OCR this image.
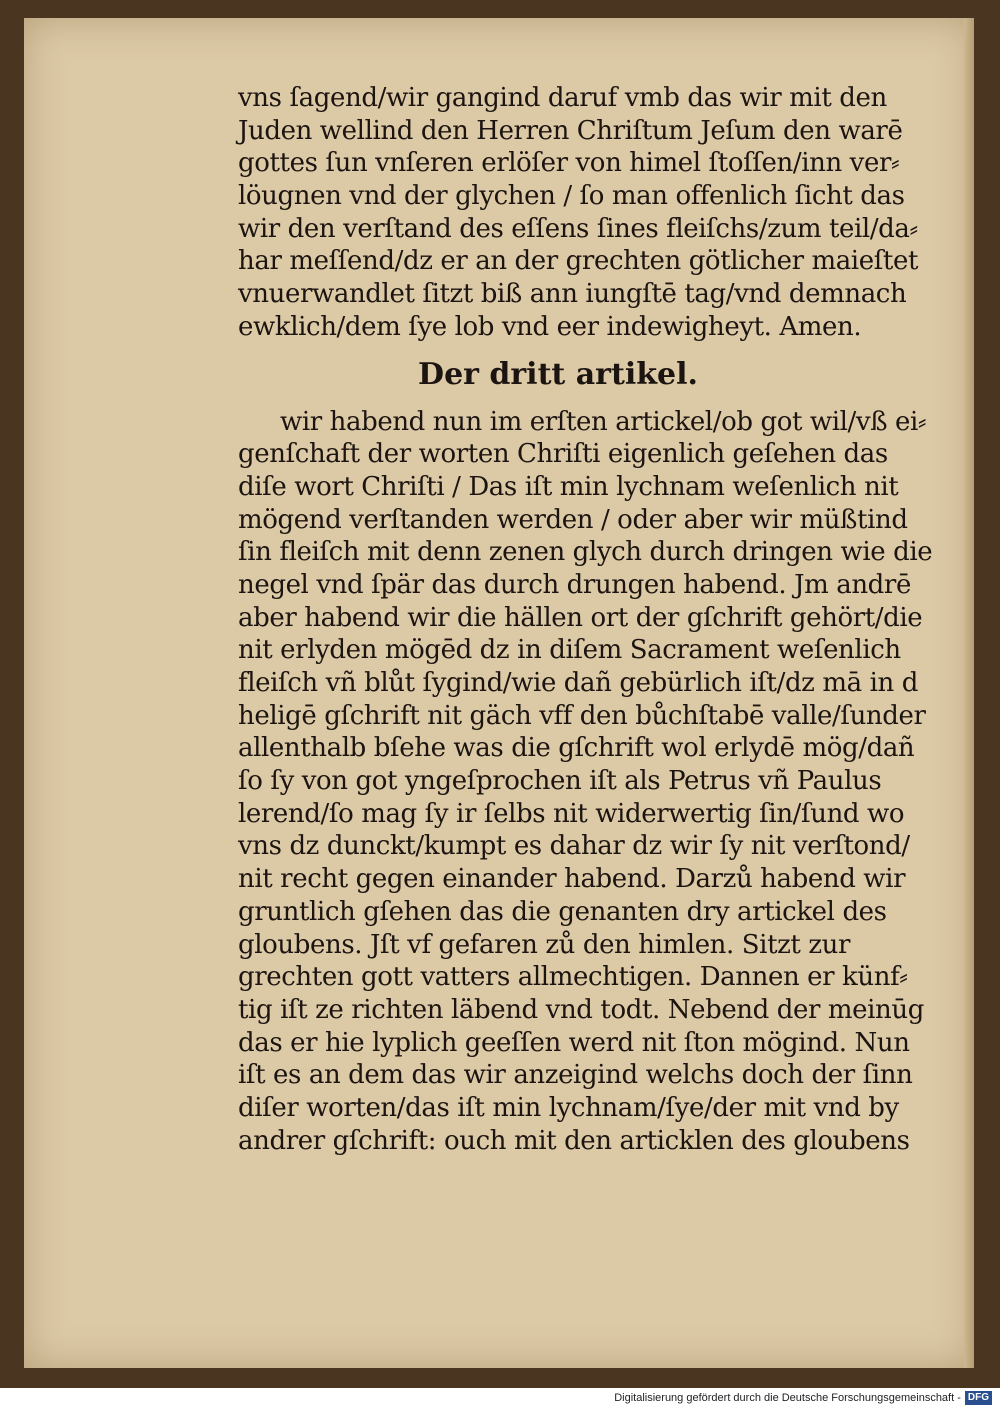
vns ſagend/wir gangind daruf vmb das wir mit den
Juden wellind den Herren Chriſtum Jeſum den warē
gottes ſun vnſeren erlöſer von himel ſtoſſen/inn ver⸗
löugnen vnd der glychen / ſo man offenlich ſicht das
wir den verſtand des eſſens ſines fleiſchs/zum teil/da⸗
har meſſend/dz er an der grechten götlicher maieſtet
vnuerwandlet ſitzt biß ann iungſtē tag/vnd demnach
ewklich/dem ſye lob vnd eer indewigheyt. Amen.
Der dritt artikel.
wir habend nun im erſten artickel/ob got wil/vß ei⸗
genſchaft der worten Chriſti eigenlich geſehen das
diſe wort Chriſti / Das iſt min lychnam weſenlich nit
mögend verſtanden werden / oder aber wir müßtind
ſin fleiſch mit denn zenen glych durch dringen wie die
negel vnd ſpär das durch drungen habend. Jm andrē
aber habend wir die hällen ort der gſchrift gehört/die
nit erlyden mögēd dz in diſem Sacrament weſenlich
fleiſch vñ blůt ſygind/wie dañ gebürlich iſt/dz mā in d
heligē gſchrift nit gäch vff den bůchſtabē valle/ſunder
allenthalb bſehe was die gſchrift wol erlydē mög/dañ
ſo ſy von got yngeſprochen iſt als Petrus vñ Paulus
lerend/ſo mag ſy ir ſelbs nit widerwertig ſin/ſund wo
vns dz dunckt/kumpt es dahar dz wir ſy nit verſtond/
nit recht gegen einander habend. Darzů habend wir
gruntlich gſehen das die genanten dry artickel des
gloubens. Jſt vf gefaren zů den himlen. Sitzt zur
grechten gott vatters allmechtigen. Dannen er künf⸗
tig iſt ze richten läbend vnd todt. Nebend der meinūg
das er hie lyplich geeſſen werd nit ſton mögind. Nun
iſt es an dem das wir anzeigind welchs doch der ſinn
diſer worten/das iſt min lychnam/ſye/der mit vnd by
andrer gſchrift: ouch mit den articklen des gloubens
Digitalisierung gefördert durch die Deutsche Forschungsgemeinschaft - DFG
